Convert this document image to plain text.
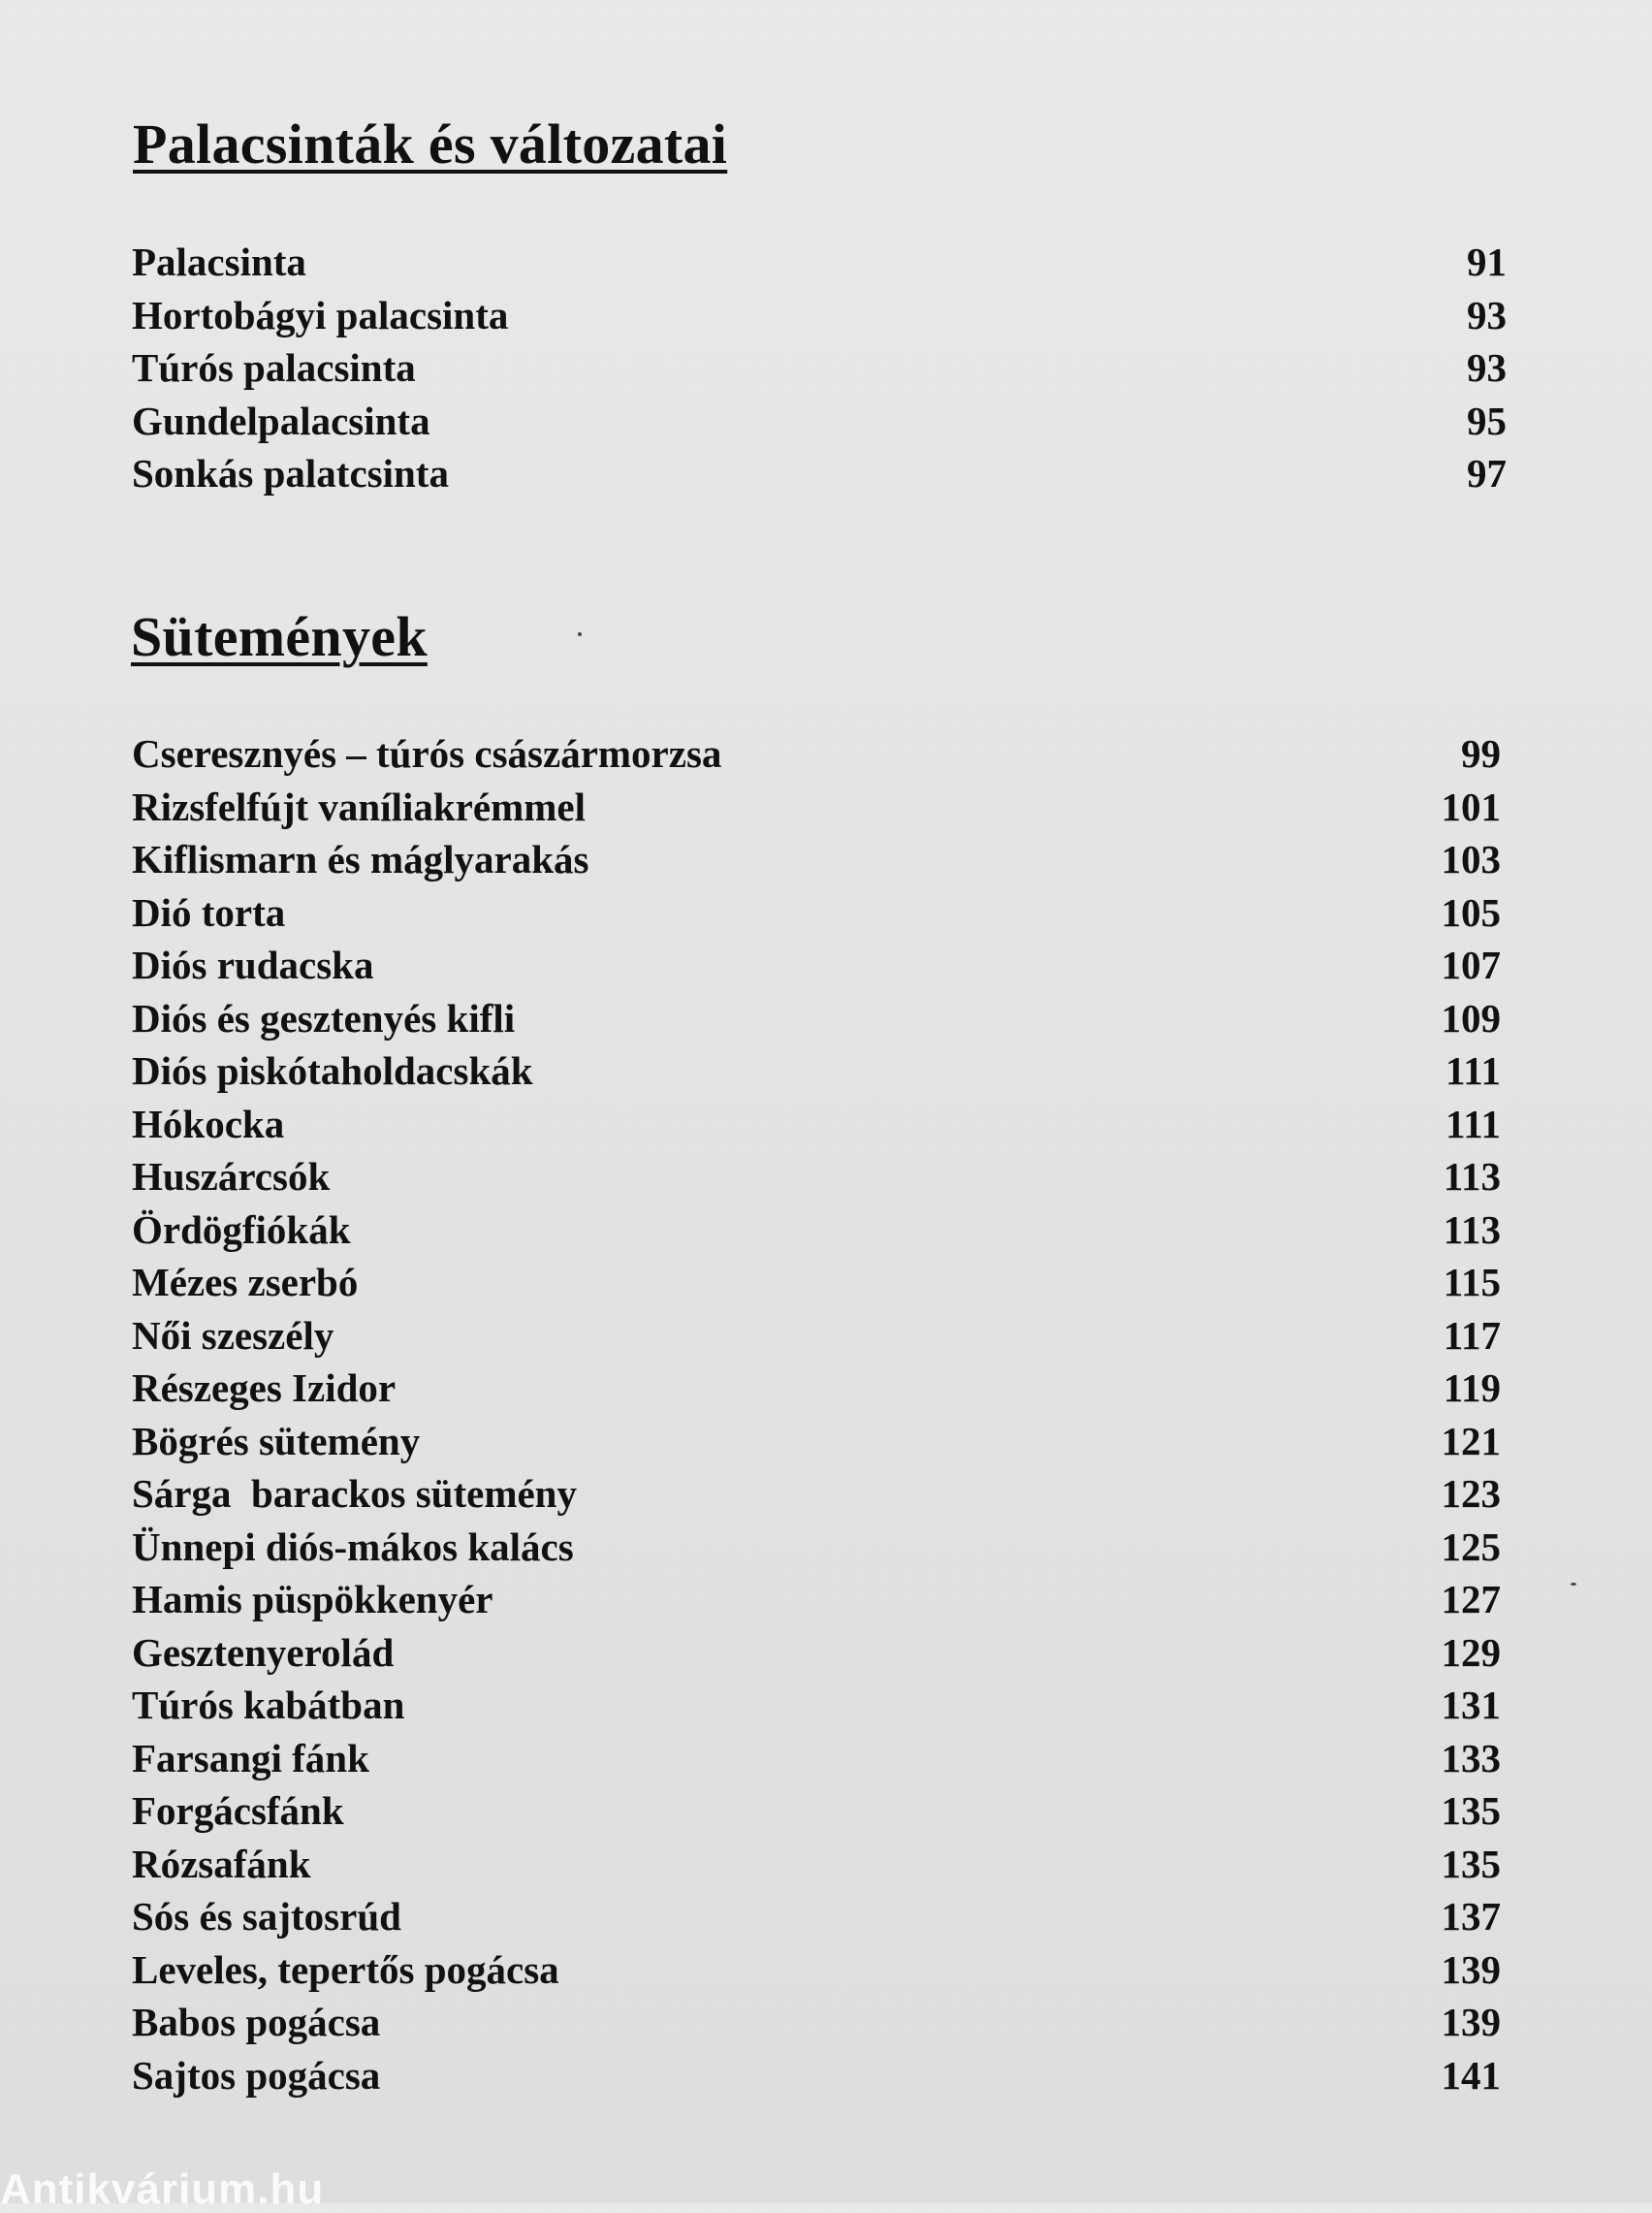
Palacsinták és változatai
Palacsinta	91
Hortobágyi palacsinta	93
Túrós palacsinta	93
Gundelpalacsinta	95
Sonkás palatcsinta	97
Sütemények
Cseresznyés – túrós császármorzsa	99
Rizsfelfújt vaníliakrémmel	101
Kiflismarn és máglyarakás	103
Dió torta	105
Diós rudacska	107
Diós és gesztenyés kifli	109
Diós piskótaholdacskák	111
Hókocka	111
Huszárcsók	113
Ördögfiókák	113
Mézes zserbó	115
Női szeszély	117
Részeges Izidor	119
Bögrés sütemény	121
Sárga  barackos sütemény	123
Ünnepi diós-mákos kalács	125
Hamis püspökkenyér	127
Gesztenyerolád	129
Túrós kabátban	131
Farsangi fánk	133
Forgácsfánk	135
Rózsafánk	135
Sós és sajtosrúd	137
Leveles, tepertős pogácsa	139
Babos pogácsa	139
Sajtos pogácsa	141
Antikvárium.hu
